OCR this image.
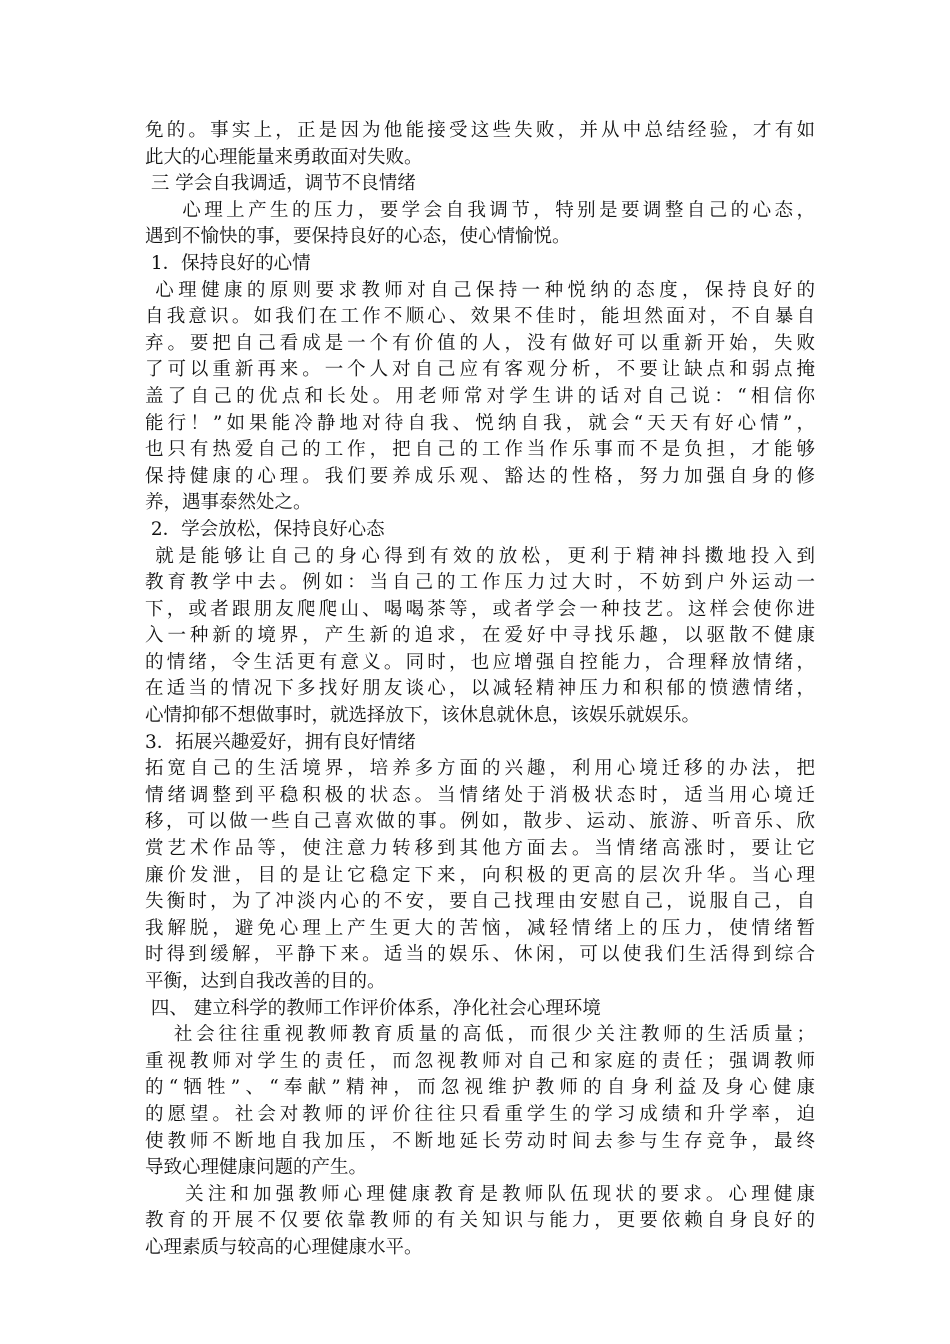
免的。事实上，正是因为他能接受这些失败，并从中总结经验，才有如
此大的心理能量来勇敢面对失败。
三 学会自我调适，调节不良情绪
心理上产生的压力，要学会自我调节，特别是要调整自己的心态，
遇到不愉快的事，要保持良好的心态，使心情愉悦。
1．保持良好的心情
心理健康的原则要求教师对自己保持一种悦纳的态度，保持良好的
自我意识。如我们在工作不顺心、效果不佳时，能坦然面对，不自暴自
弃。要把自己看成是一个有价值的人，没有做好可以重新开始，失败
了可以重新再来。一个人对自己应有客观分析，不要让缺点和弱点掩
盖了自己的优点和长处。用老师常对学生讲的话对自己说：“相信你
能行！”如果能冷静地对待自我、悦纳自我，就会“天天有好心情”，
也只有热爱自己的工作，把自己的工作当作乐事而不是负担，才能够
保持健康的心理。我们要养成乐观、豁达的性格，努力加强自身的修
养，遇事泰然处之。
2．学会放松，保持良好心态
就是能够让自己的身心得到有效的放松，更利于精神抖擞地投入到
教育教学中去。例如：当自己的工作压力过大时，不妨到户外运动一
下，或者跟朋友爬爬山、喝喝茶等，或者学会一种技艺。这样会使你进
入一种新的境界，产生新的追求，在爱好中寻找乐趣，以驱散不健康
的情绪，令生活更有意义。同时，也应增强自控能力，合理释放情绪，
在适当的情况下多找好朋友谈心，以减轻精神压力和积郁的愤懑情绪，
心情抑郁不想做事时，就选择放下，该休息就休息，该娱乐就娱乐。
3．拓展兴趣爱好，拥有良好情绪
拓宽自己的生活境界，培养多方面的兴趣，利用心境迁移的办法，把
情绪调整到平稳积极的状态。当情绪处于消极状态时，适当用心境迁
移，可以做一些自己喜欢做的事。例如，散步、运动、旅游、听音乐、欣
赏艺术作品等，使注意力转移到其他方面去。当情绪高涨时，要让它
廉价发泄，目的是让它稳定下来，向积极的更高的层次升华。当心理
失衡时，为了冲淡内心的不安，要自己找理由安慰自己，说服自己，自
我解脱，避免心理上产生更大的苦恼，减轻情绪上的压力，使情绪暂
时得到缓解，平静下来。适当的娱乐、休闲，可以使我们生活得到综合
平衡，达到自我改善的目的。
四、 建立科学的教师工作评价体系，净化社会心理环境
社会往往重视教师教育质量的高低，而很少关注教师的生活质量；
重视教师对学生的责任，而忽视教师对自己和家庭的责任；强调教师
的“牺牲”、“奉献”精神，而忽视维护教师的自身利益及身心健康
的愿望。社会对教师的评价往往只看重学生的学习成绩和升学率，迫
使教师不断地自我加压，不断地延长劳动时间去参与生存竞争，最终
导致心理健康问题的产生。
关注和加强教师心理健康教育是教师队伍现状的要求。心理健康
教育的开展不仅要依靠教师的有关知识与能力，更要依赖自身良好的
心理素质与较高的心理健康水平。
